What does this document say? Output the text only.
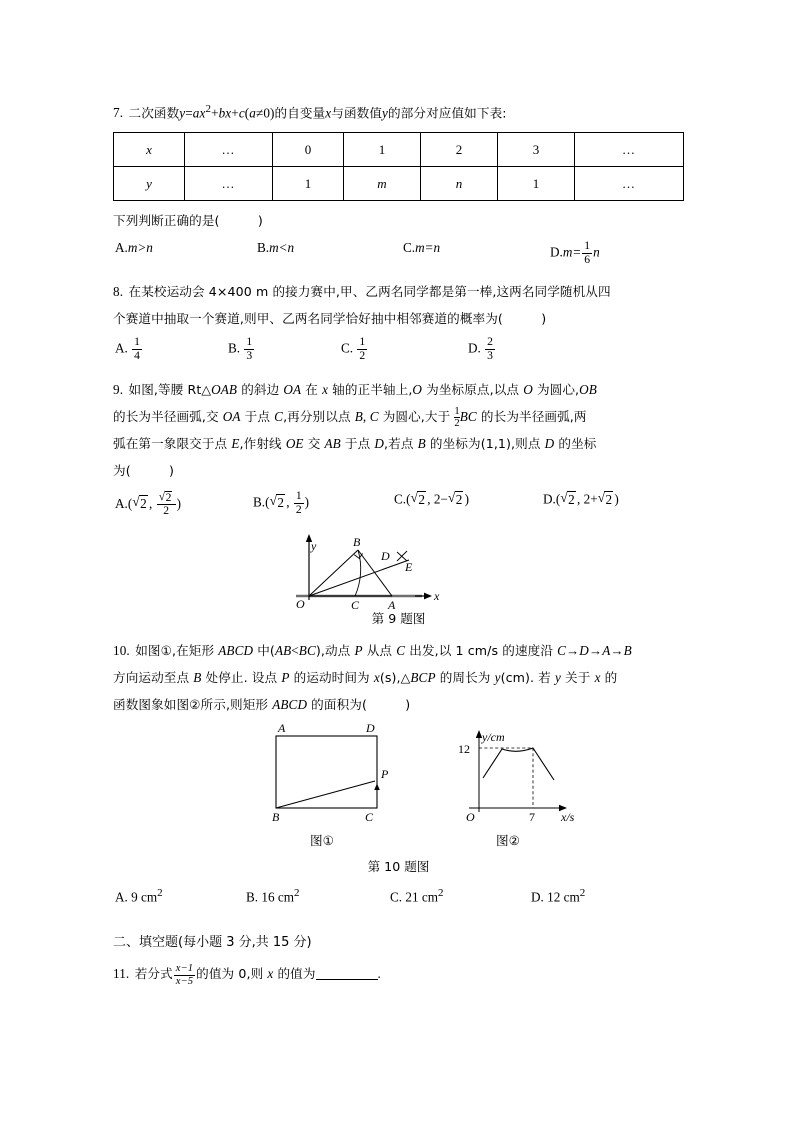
7. 二次函数$y=ax^2+bx+c(a\ne 0)$的自变量x与函数值y的部分对应值如下表:
x	…	0	1	2	3	…
y	…	1	m	n	1	…
下列判断正确的是(	)
A.m>n	B.m<n	C.m=n	$D.m= \frac{1}{6}$ n
8. 在某校运动会 4×400 m 的接力赛中,甲、乙两名同学都是第一棒,这两名同学随机从四
个赛道中抽取一个赛道,则甲、乙两名同学恰好抽中相邻赛道的概率为(	)
A. $\frac{1}{4}$	B. $\frac{1}{3}$	C. $\frac{1}{2}$	D. $\frac{2}{3}$
9. 如图,等腰 Rt△OAB 的斜边 OA 在 x 轴的正半轴上,O 为坐标原点,以点 O 为圆心,OB
的长为半径画弧,交 OA 于点 C,再分别以点 B, C 为圆心,大于 $\frac{1}{2}$ BC 的长为半径画弧,两
弧在第一象限交于点 E,作射线 OE 交 AB 于点 D,若点 B 的坐标为(1,1),则点 D 的坐标
为(	)
A.( √ 2 , √ $\frac{2}{2}$ )	B.( √ 2 , $\frac{1}{2}$ )	C.( √ 2 , 2− √ 2 )	D.( √ 2 , 2+ √ 2 )
y
x
O
B
D
E
C A
第 9 题图
10. 如图①,在矩形 ABCD 中(AB<BC),动点 P 从点 C 出发,以 1 cm/s 的速度沿 C→D→A→B
方向运动至点 B 处停止. 设点 P 的运动时间为 x(s),△BCP 的周长为 y(cm). 若 y 关于 x 的
函数图象如图②所示,则矩形 ABCD 的面积为(	)
A	D
B	C
P
y/cm
x/s
O
12
7
图①	图②
第 10 题图
A. 9 $cm^2$	B. 16 $cm^2$	C. 21 $cm^2$	D. 12 $cm^2$
二、填空题(每小题 3 分,共 15 分)
11. 若分式 $\frac{x-1}{x-5}$ 的值为 0,则 x 的值为	.
